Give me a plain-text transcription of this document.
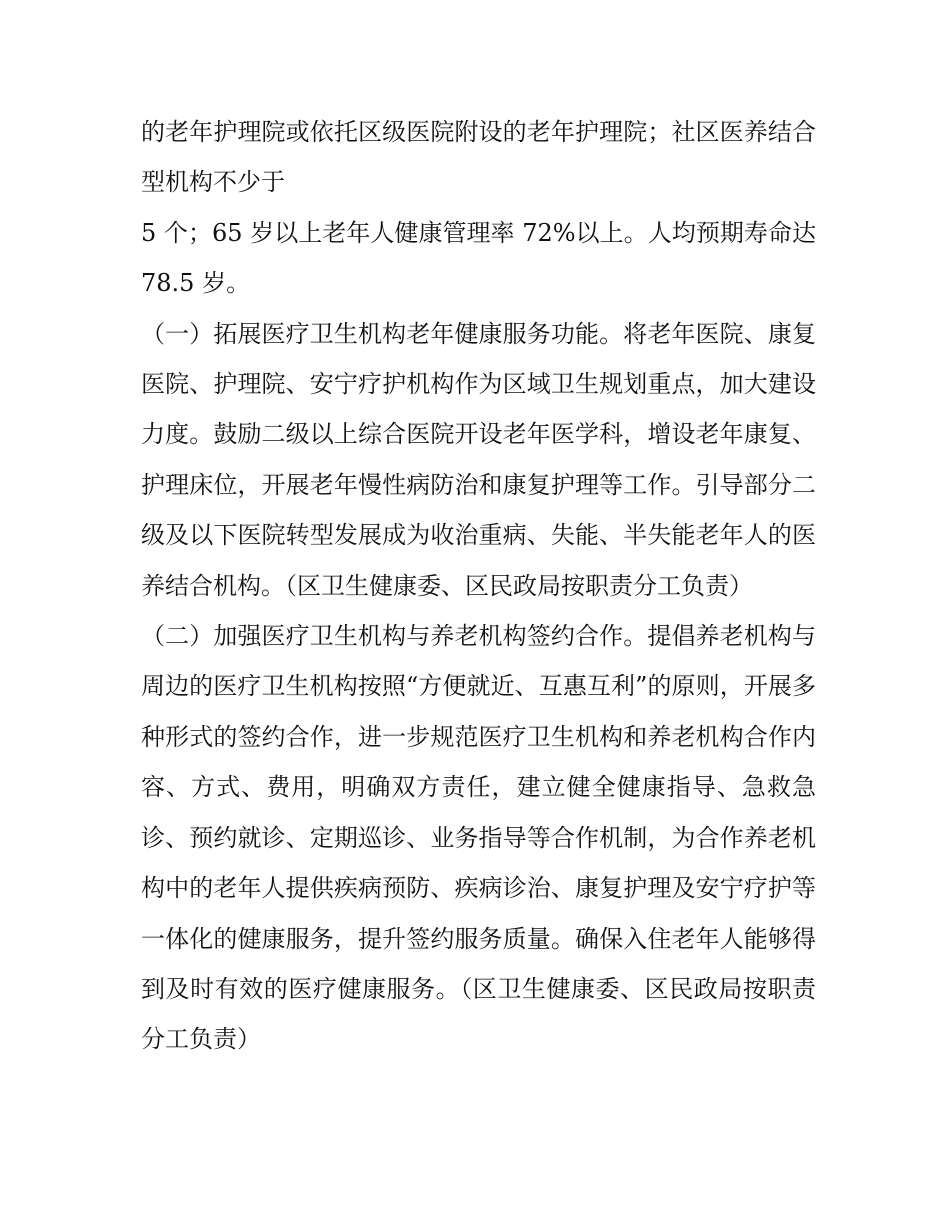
的老年护理院或依托区级医院附设的老年护理院；社区医养结合型机构不少于

5 个；65 岁以上老年人健康管理率 72%以上。人均预期寿命达 78.5 岁。

（一）拓展医疗卫生机构老年健康服务功能。将老年医院、康复医院、护理院、安宁疗护机构作为区域卫生规划重点，加大建设力度。鼓励二级以上综合医院开设老年医学科，增设老年康复、护理床位，开展老年慢性病防治和康复护理等工作。引导部分二级及以下医院转型发展成为收治重病、失能、半失能老年人的医养结合机构。（区卫生健康委、区民政局按职责分工负责）

（二）加强医疗卫生机构与养老机构签约合作。提倡养老机构与周边的医疗卫生机构按照“方便就近、互惠互利”的原则，开展多种形式的签约合作，进一步规范医疗卫生机构和养老机构合作内容、方式、费用，明确双方责任，建立健全健康指导、急救急诊、预约就诊、定期巡诊、业务指导等合作机制，为合作养老机构中的老年人提供疾病预防、疾病诊治、康复护理及安宁疗护等一体化的健康服务，提升签约服务质量。确保入住老年人能够得到及时有效的医疗健康服务。（区卫生健康委、区民政局按职责分工负责）
